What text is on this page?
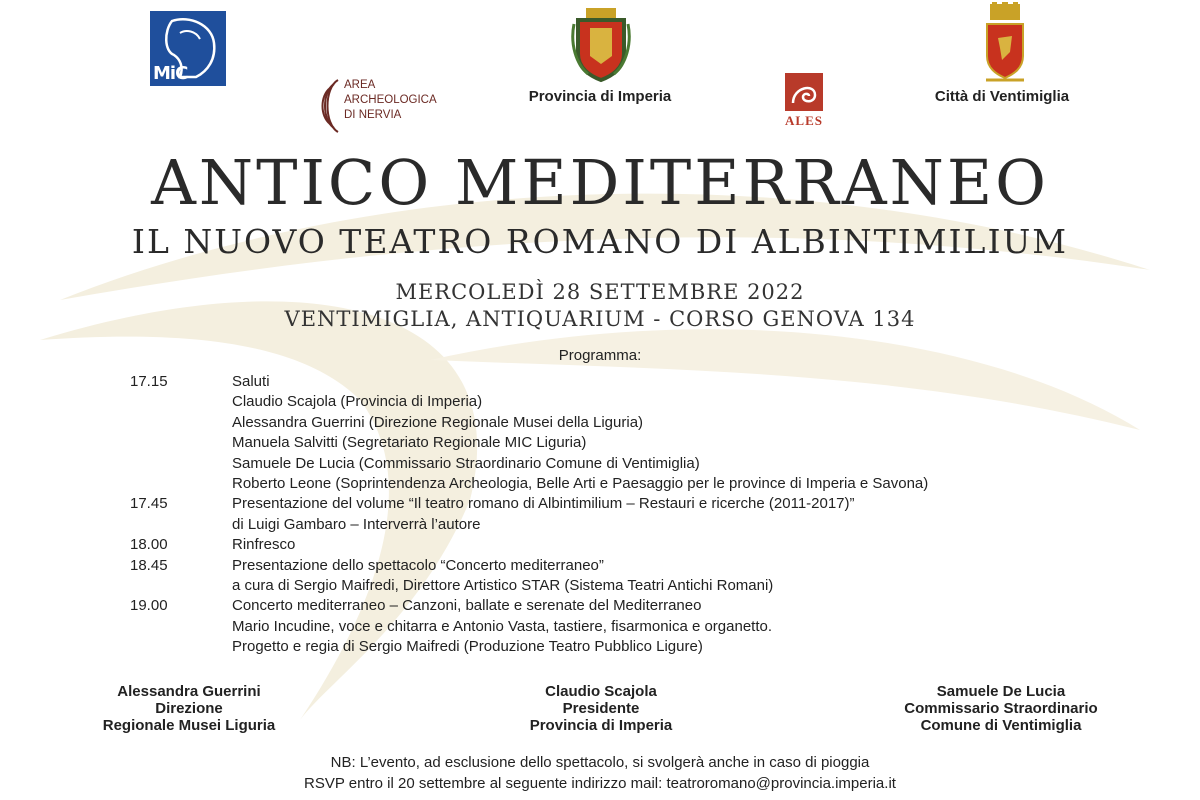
MiC
AREA
ARCHEOLOGICA
DI NERVIA
Provincia di Imperia
ALES
Città di Ventimiglia
ANTICO MEDITERRANEO
IL NUOVO TEATRO ROMANO DI ALBINTIMILIUM
MERCOLEDÌ 28 SETTEMBRE 2022
VENTIMIGLIA, ANTIQUARIUM - CORSO GENOVA 134
Programma:
17.15	Saluti
Claudio Scajola (Provincia di Imperia)
Alessandra Guerrini (Direzione Regionale Musei della Liguria)
Manuela Salvitti (Segretariato Regionale MIC Liguria)
Samuele De Lucia (Commissario Straordinario Comune di Ventimiglia)
Roberto Leone (Soprintendenza Archeologia, Belle Arti e Paesaggio per le province di Imperia e Savona)
17.45	Presentazione del volume “Il teatro romano di Albintimilium – Restauri e ricerche (2011-2017)”
di Luigi Gambaro – Interverrà l’autore
18.00	Rinfresco
18.45	Presentazione dello spettacolo “Concerto mediterraneo”
a cura di Sergio Maifredi, Direttore Artistico STAR (Sistema Teatri Antichi Romani)
19.00	Concerto mediterraneo – Canzoni, ballate e serenate del Mediterraneo
Mario Incudine, voce e chitarra e Antonio Vasta, tastiere, fisarmonica e organetto.
Progetto e regia di Sergio Maifredi (Produzione Teatro Pubblico Ligure)
Alessandra Guerrini
Direzione
Regionale Musei Liguria
Claudio Scajola
Presidente
Provincia di Imperia
Samuele De Lucia
Commissario Straordinario
Comune di Ventimiglia
NB: L’evento, ad esclusione dello spettacolo, si svolgerà anche in caso di pioggia
RSVP entro il 20 settembre al seguente indirizzo mail: teatroromano@provincia.imperia.it
